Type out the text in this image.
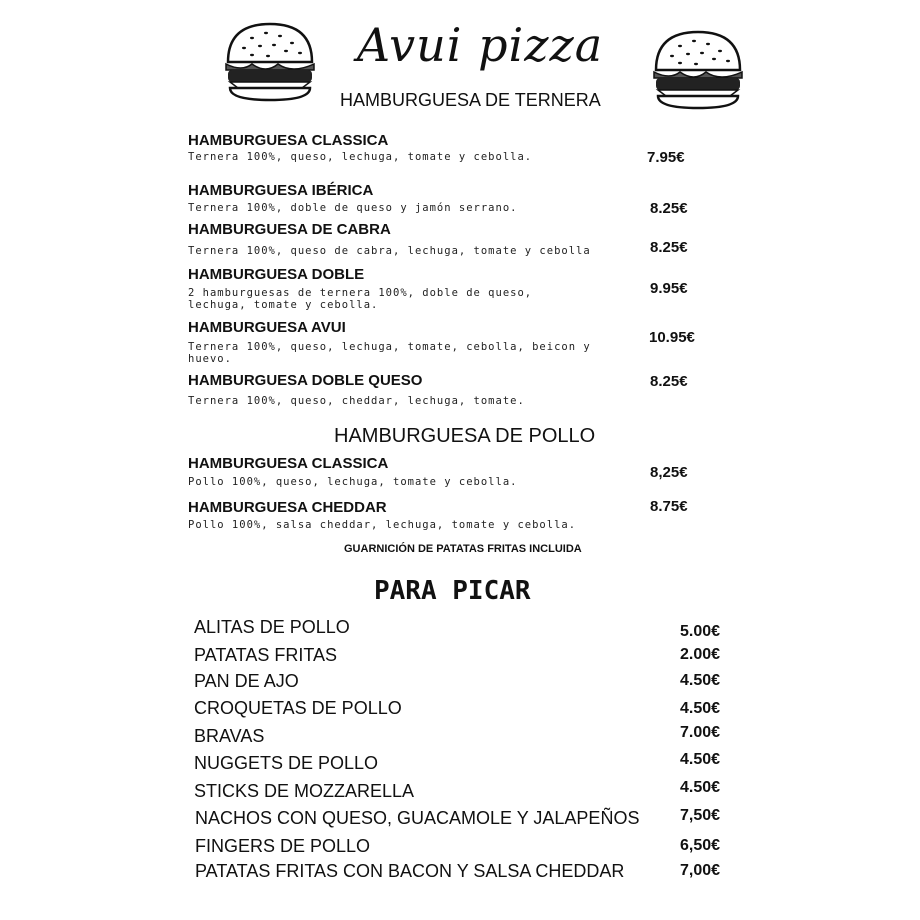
Avui pizza
HAMBURGUESA DE TERNERA
HAMBURGUESA CLASSICA
Ternera 100%, queso, lechuga, tomate y cebolla.	7.95€
HAMBURGUESA IBÉRICA
Ternera 100%, doble de queso y jamón serrano.	8.25€
HAMBURGUESA DE CABRA
Ternera 100%, queso de cabra, lechuga, tomate y cebolla	8.25€
HAMBURGUESA DOBLE
2 hamburguesas de ternera 100%, doble de queso, lechuga, tomate y cebolla.
9.95€
HAMBURGUESA AVUI
Ternera 100%, queso, lechuga, tomate, cebolla, beicon y huevo.
10.95€
HAMBURGUESA DOBLE QUESO
Ternera 100%, queso, cheddar, lechuga, tomate.
8.25€
HAMBURGUESA DE POLLO
HAMBURGUESA CLASSICA
Pollo 100%, queso, lechuga, tomate y cebolla.
8,25€
HAMBURGUESA CHEDDAR
Pollo 100%, salsa cheddar, lechuga, tomate y cebolla.
8.75€
GUARNICIÓN DE PATATAS FRITAS INCLUIDA
PARA PICAR
ALITAS DE POLLO	5.00€
PATATAS FRITAS	2.00€
PAN DE AJO	4.50€
CROQUETAS DE POLLO	4.50€
BRAVAS	7.00€
NUGGETS DE POLLO	4.50€
STICKS DE MOZZARELLA	4.50€
NACHOS CON QUESO, GUACAMOLE Y JALAPEÑOS	7,50€
FINGERS DE POLLO	6,50€
PATATAS FRITAS CON BACON Y SALSA CHEDDAR	7,00€
